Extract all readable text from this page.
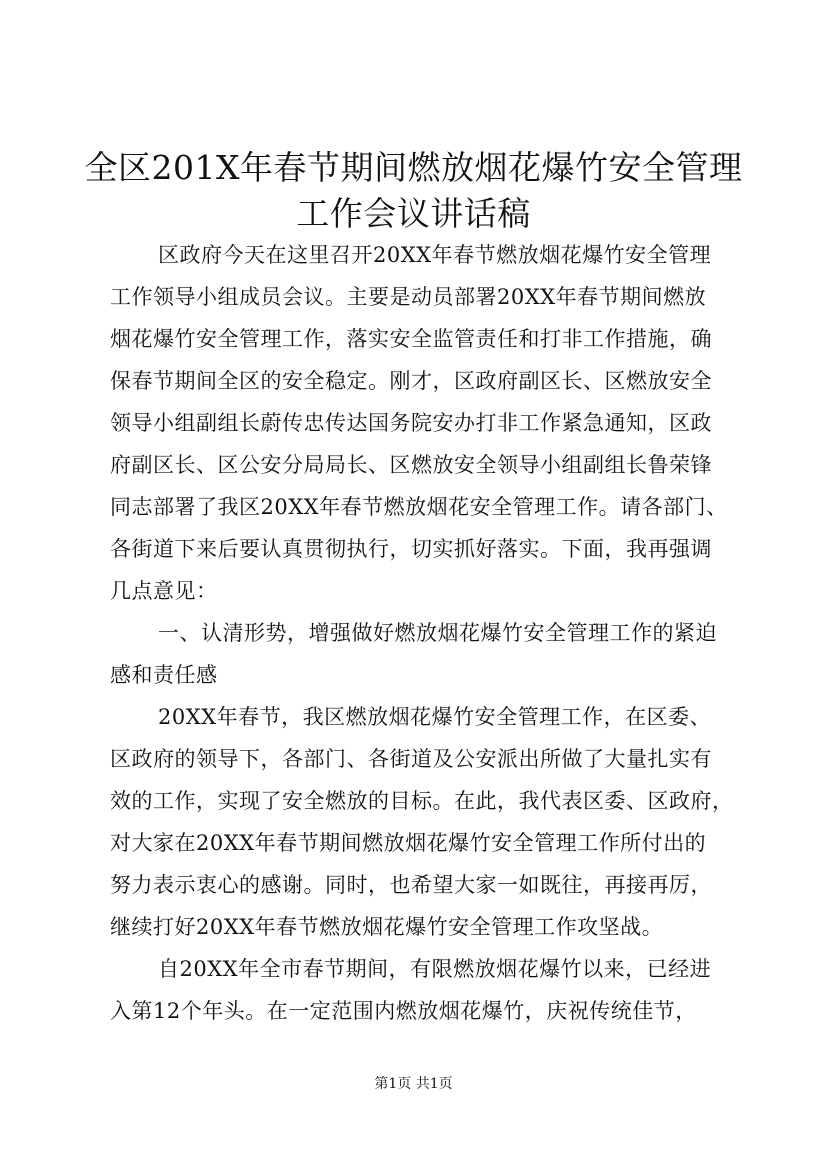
全区201X年春节期间燃放烟花爆竹安全管理
工作会议讲话稿
区政府今天在这里召开20XX年春节燃放烟花爆竹安全管理
工作领导小组成员会议。主要是动员部署20XX年春节期间燃放
烟花爆竹安全管理工作，落实安全监管责任和打非工作措施，确
保春节期间全区的安全稳定。刚才，区政府副区长、区燃放安全
领导小组副组长蔚传忠传达国务院安办打非工作紧急通知，区政
府副区长、区公安分局局长、区燃放安全领导小组副组长鲁荣锋
同志部署了我区20XX年春节燃放烟花安全管理工作。请各部门、
各街道下来后要认真贯彻执行，切实抓好落实。下面，我再强调
几点意见：
一、认清形势，增强做好燃放烟花爆竹安全管理工作的紧迫
感和责任感
20XX年春节，我区燃放烟花爆竹安全管理工作，在区委、
区政府的领导下，各部门、各街道及公安派出所做了大量扎实有
效的工作，实现了安全燃放的目标。在此，我代表区委、区政府，
对大家在20XX年春节期间燃放烟花爆竹安全管理工作所付出的
努力表示衷心的感谢。同时，也希望大家一如既往，再接再厉，
继续打好20XX年春节燃放烟花爆竹安全管理工作攻坚战。
自20XX年全市春节期间，有限燃放烟花爆竹以来，已经进
入第12个年头。在一定范围内燃放烟花爆竹，庆祝传统佳节，
第1页 共1页
